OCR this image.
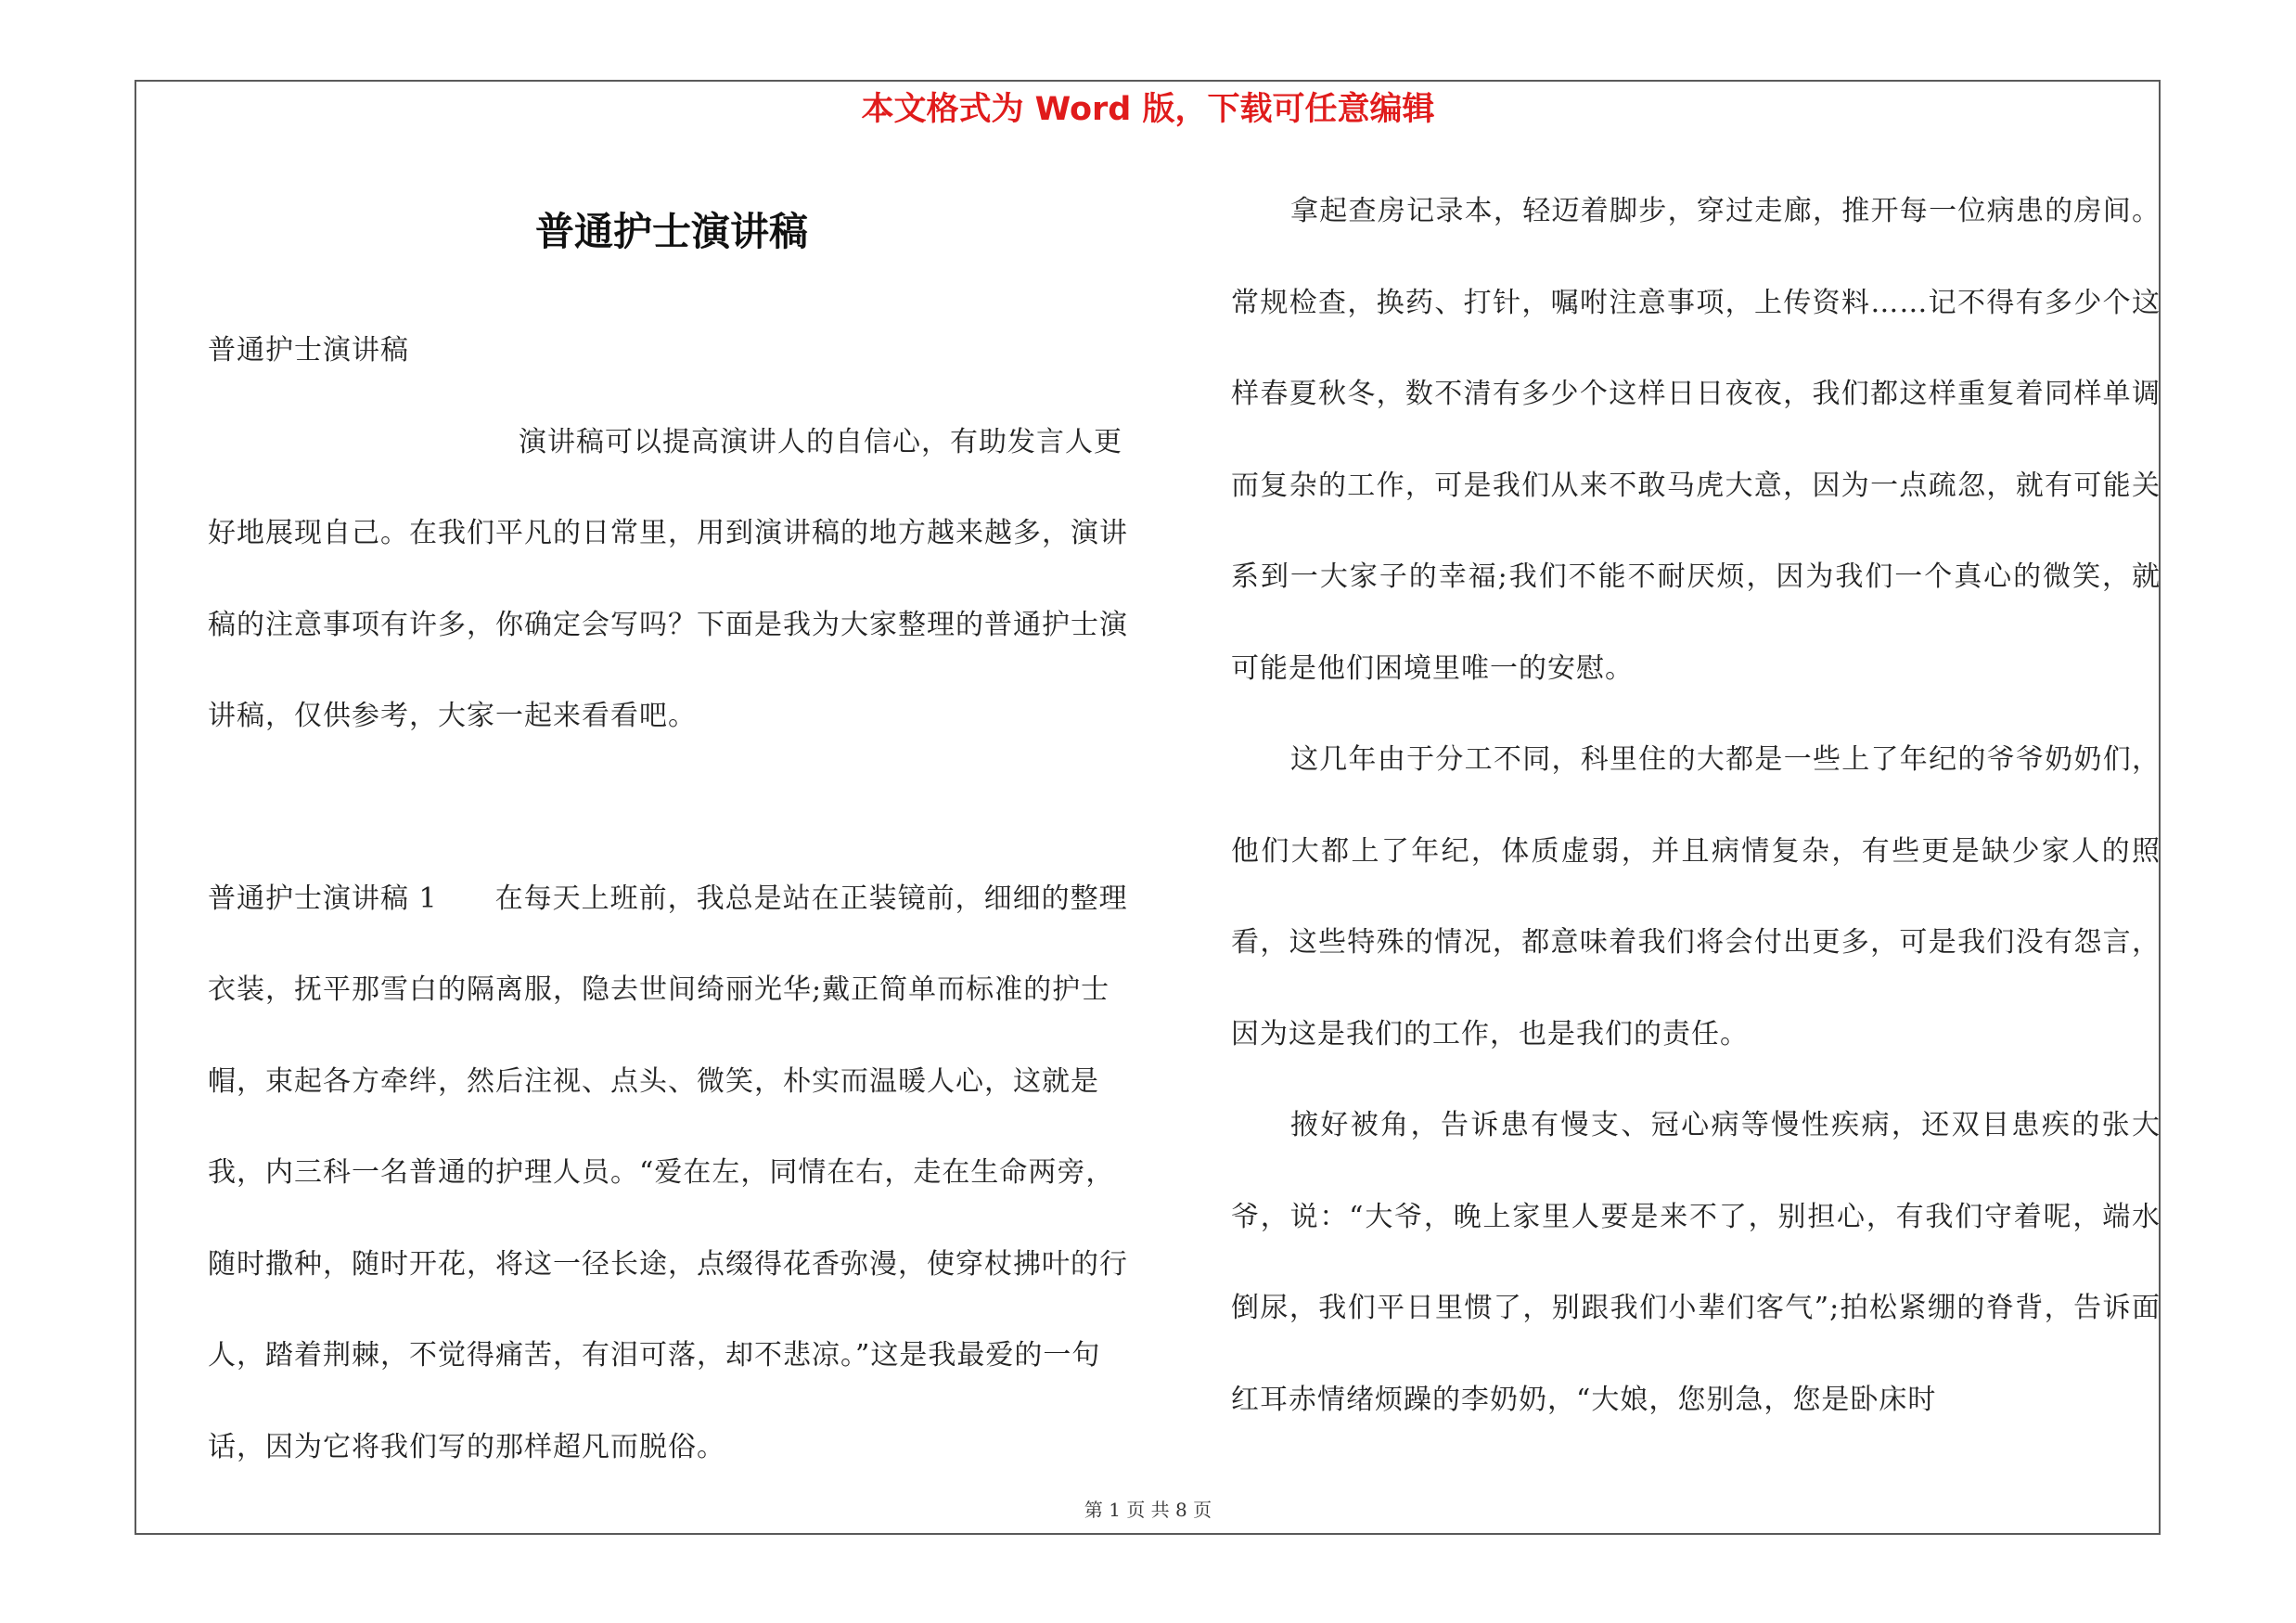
本文格式为 Word 版，下载可任意编辑
普通护士演讲稿

普通护士演讲稿

演讲稿可以提高演讲人的自信心，有助发言人更好地展现自己。在我们平凡的日常里，用到演讲稿的地方越来越多，演讲稿的注意事项有许多，你确定会写吗？下面是我为大家整理的普通护士演讲稿，仅供参考，大家一起来看看吧。

普通护士演讲稿 1　　在每天上班前，我总是站在正装镜前，细细的整理衣装，抚平那雪白的隔离服，隐去世间绮丽光华;戴正简单而标准的护士帽，束起各方牵绊，然后注视、点头、微笑，朴实而温暖人心，这就是我，内三科一名普通的护理人员。“爱在左，同情在右，走在生命两旁，随时撒种，随时开花，将这一径长途，点缀得花香弥漫，使穿杖拂叶的行人，踏着荆棘，不觉得痛苦，有泪可落，却不悲凉。”这是我最爱的一句话，因为它将我们写的那样超凡而脱俗。

拿起查房记录本，轻迈着脚步，穿过走廊，推开每一位病患的房间。常规检查，换药、打针，嘱咐注意事项，上传资料……记不得有多少个这样春夏秋冬，数不清有多少个这样日日夜夜，我们都这样重复着同样单调而复杂的工作，可是我们从来不敢马虎大意，因为一点疏忽，就有可能关系到一大家子的幸福;我们不能不耐厌烦，因为我们一个真心的微笑，就可能是他们困境里唯一的安慰。

这几年由于分工不同，科里住的大都是一些上了年纪的爷爷奶奶们，他们大都上了年纪，体质虚弱，并且病情复杂，有些更是缺少家人的照看，这些特殊的情况，都意味着我们将会付出更多，可是我们没有怨言，因为这是我们的工作，也是我们的责任。

掖好被角，告诉患有慢支、冠心病等慢性疾病，还双目患疾的张大爷，说：“大爷，晚上家里人要是来不了，别担心，有我们守着呢，端水倒尿，我们平日里惯了，别跟我们小辈们客气”;拍松紧绷的脊背，告诉面红耳赤情绪烦躁的李奶奶，“大娘，您别急，您是卧床时

第 1 页 共 8 页
